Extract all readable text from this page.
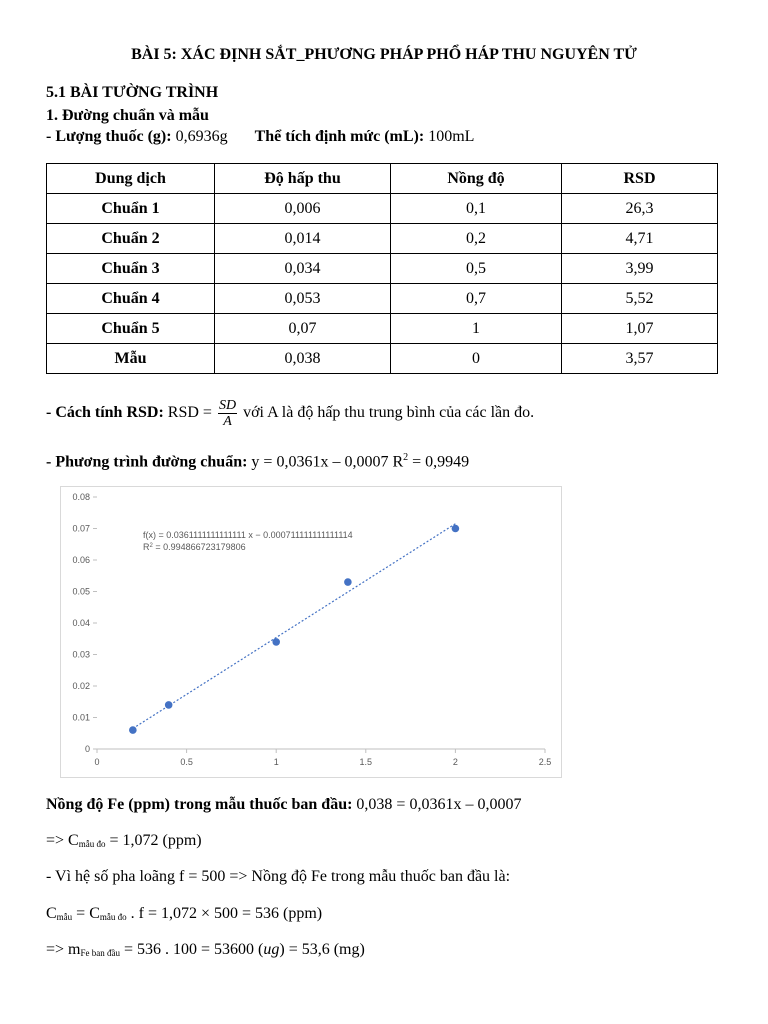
BÀI 5: XÁC ĐỊNH SẮT_PHƯƠNG PHÁP PHỔ HÁP THU NGUYÊN TỬ
5.1 BÀI TƯỜNG TRÌNH
1. Đường chuẩn và mẫu
- Lượng thuốc (g): 0,6936g Thể tích định mức (mL): 100mL
Dung dịch	Độ hấp thu	Nồng độ	RSD
Chuẩn 1	0,006	0,1	26,3
Chuẩn 2	0,014	0,2	4,71
Chuẩn 3	0,034	0,5	3,99
Chuẩn 4	0,053	0,7	5,52
Chuẩn 5	0,07	1	1,07
Mẫu	0,038	0	3,57
- Cách tính RSD: RSD = $\frac{SD}{A}$ với A là độ hấp thu trung bình của các lần đo.
- Phương trình đường chuẩn: y = 0,0361x – 0,0007 $R^2 = 0,9949$
0	0.5	1	1.5	2	2.5
0
0.01
0.02
0.03
0.04
0.05
0.06
0.07
0.08
f(x) = 0.0361111111111111 x − 0.000711111111111114
$R^2 = 0.994866723179806$
Nồng độ Fe (ppm) trong mẫu thuốc ban đầu: 0,038 = 0,0361x – 0,0007
=> $C_{mẫu đo} = 1,072$ (ppm)
- Vì hệ số pha loãng f = 500 => Nồng độ Fe trong mẫu thuốc ban đầu là:
$C_{mẫu} = C_{mẫu đo}$ . f = 1,072 × 500 = 536 (ppm)
=> $m_{Fe ban đầu} = 536$ . 100 = 53600 (ug) = 53,6 (mg)
